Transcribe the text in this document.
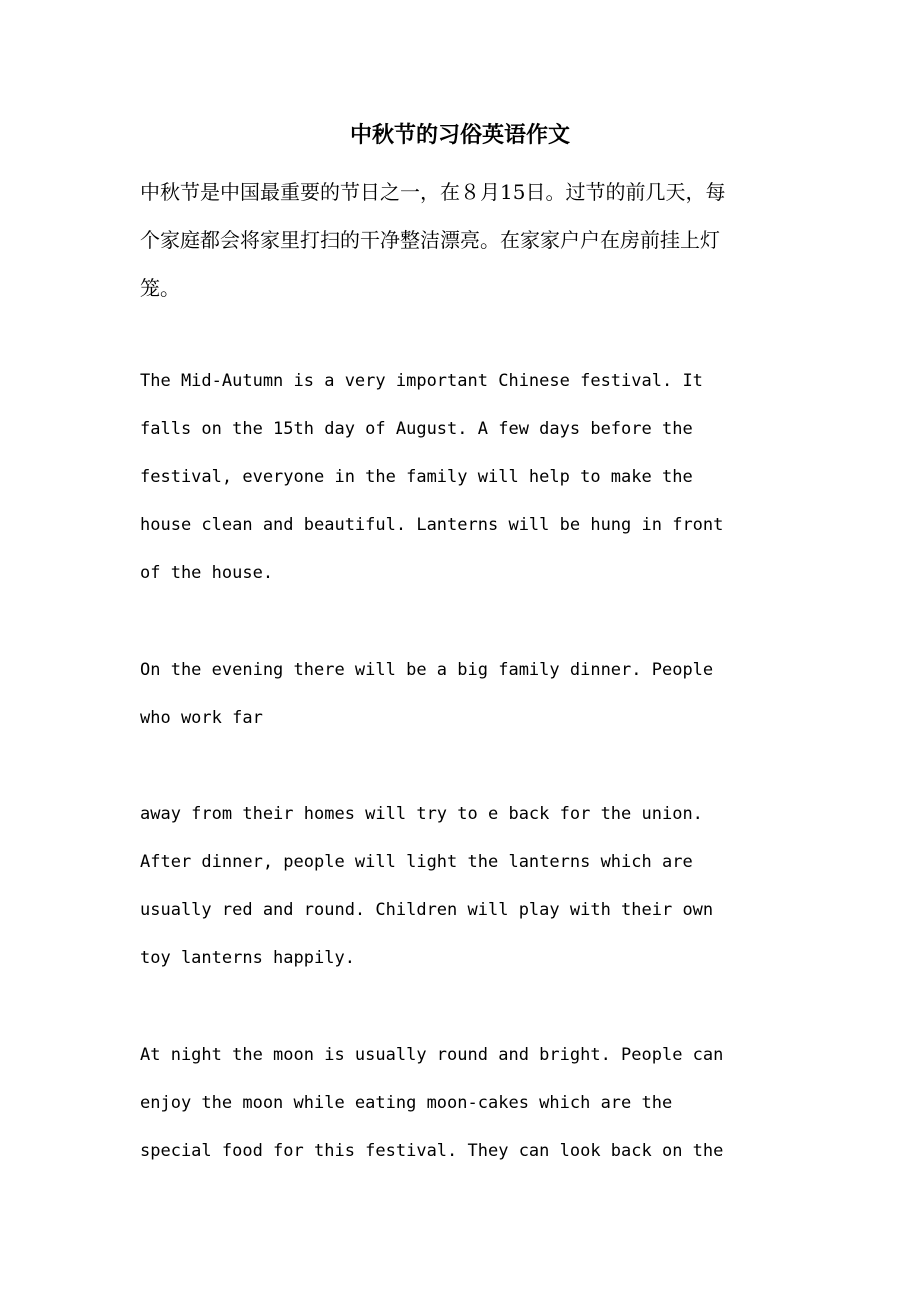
中秋节的习俗英语作文

中秋节是中国最重要的节日之一，在８月15日。过节的前几天，每
个家庭都会将家里打扫的干净整洁漂亮。在家家户户在房前挂上灯
笼。

The Mid-Autumn is a very important Chinese festival. It
falls on the 15th day of August. A few days before the
festival, everyone in the family will help to make the
house clean and beautiful. Lanterns will be hung in front
of the house.

On the evening there will be a big family dinner. People
who work far

away from their homes will try to e back for the union.
After dinner, people will light the lanterns which are
usually red and round. Children will play with their own
toy lanterns happily.

At night the moon is usually round and bright. People can
enjoy the moon while eating moon-cakes which are the
special food for this festival. They can look back on the
